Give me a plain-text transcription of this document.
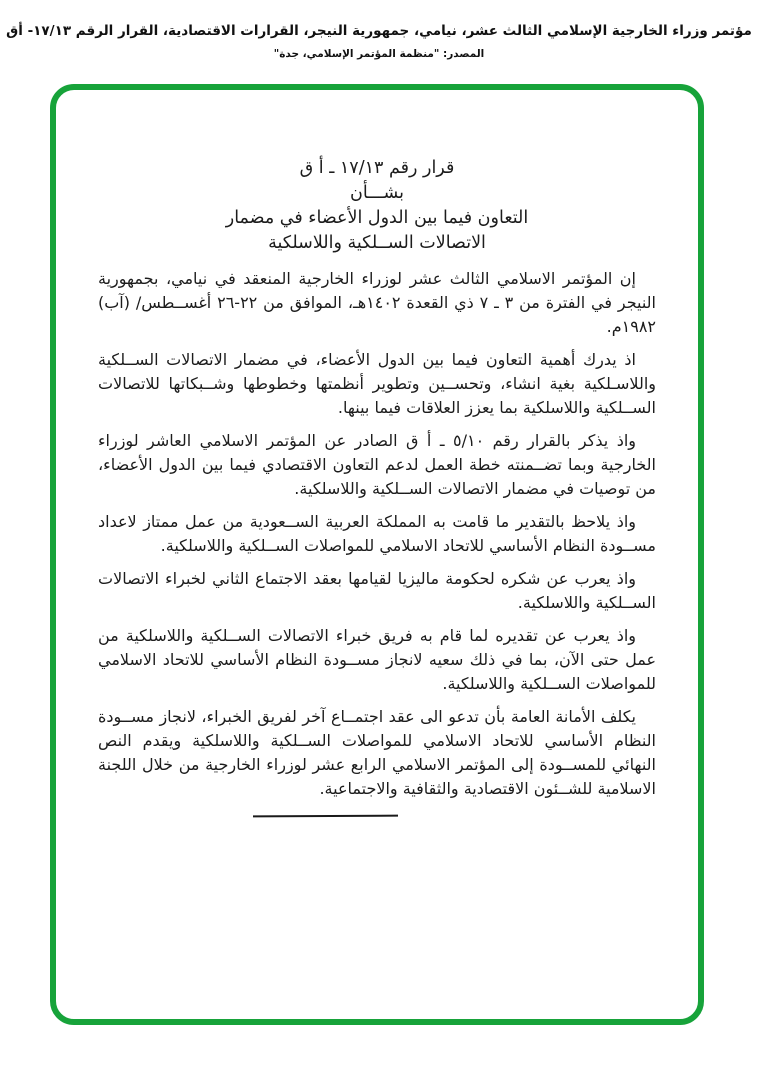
مؤتمر وزراء الخارجية الإسلامي الثالث عشر، نيامي، جمهورية النيجر، القرارات الاقتصادية، القرار الرقم ١٧/١٣- أق
المصدر: "منظمة المؤتمر الإسلامي، جدة"
قرار رقم ١٧/١٣ ـ أ ق
بشـــأن
التعاون فيما بين الدول الأعضاء في مضمار
الاتصالات الســلكية واللاسلكية

إن المؤتمر الاسلامي الثالث عشر لوزراء الخارجية المنعقد في نيامي، بجمهورية النيجر في الفترة من ٣ ـ ٧ ذي القعدة ١٤٠٢هـ، الموافق من ٢٢-٢٦ أغســطس/ (آب) ١٩٨٢م.

اذ يدرك أهمية التعاون فيما بين الدول الأعضاء، في مضمار الاتصالات الســلكية واللاسـلكية بغية انشاء، وتحســين وتطوير أنظمتها وخطوطها وشــبكاتها للاتصالات الســلكية واللاسلكية بما يعزز العلاقات فيما بينها.

واذ يذكر بالقرار رقم ٥/١٠ ـ أ ق الصادر عن المؤتمر الاسلامي العاشر لوزراء الخارجية وبما تضــمنته خطة العمل لدعم التعاون الاقتصادي فيما بين الدول الأعضاء، من توصيات في مضمار الاتصالات الســلكية واللاسلكية.

واذ يلاحظ بالتقدير ما قامت به المملكة العربية الســعودية من عمل ممتاز لاعداد مســودة النظام الأساسي للاتحاد الاسلامي للمواصلات الســلكية واللاسلكية.

واذ يعرب عن شكره لحكومة ماليزيا لقيامها بعقد الاجتماع الثاني لخبراء الاتصالات الســلكية واللاسلكية.

واذ يعرب عن تقديره لما قام به فريق خبراء الاتصالات الســلكية واللاسلكية من عمل حتى الآن، بما في ذلك سعيه لانجاز مســودة النظام الأساسي للاتحاد الاسلامي للمواصلات الســلكية واللاسلكية.

يكلف الأمانة العامة بأن تدعو الى عقد اجتمــاع آخر لفريق الخبراء، لانجاز مســودة النظام الأساسي للاتحاد الاسلامي للمواصلات الســلكية واللاسلكية ويقدم النص النهائي للمســودة إلى المؤتمر الاسلامي الرابع عشر لوزراء الخارجية من خلال اللجنة الاسلامية للشــئون الاقتصادية والثقافية والاجتماعية.
